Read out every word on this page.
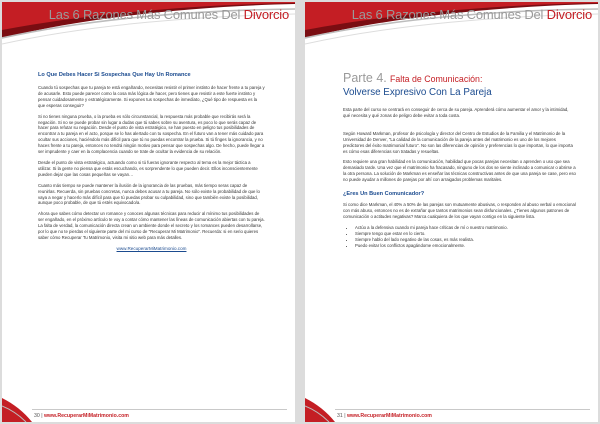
Las 6 Razones Más Comunes Del Divorcio
Lo Que Debes Hacer Si Sospechas Que Hay Un Romance

Cuando tú sospechas que tu pareja te está engañando, necesitas resistir el primer instinto de hacer frente a tu pareja y de acusarle. Esto puede parecer como la cosa más lógica de hacer, pero tienes que resistir a este fuerte instinto y pensar cuidadosamente y estratégicamente. Si expones tus sospechas de inmediato, ¿Qué tipo de respuesta es la que esperas conseguir?

Si no tienes ninguna prueba, o la prueba es sólo circunstancial, la respuesta más probable que recibirás será la negación. Si no se puede probar sin lugar a dudas que tú sabes sobre su aventura, es poco lo que serás capaz de hacer para refutar su negación. Desde el punto de vista estratégico, se han puesto en peligro tus posibilidades de encontrar a tu pareja en el acto, porque se lo has alertado con tu sospecha. En el futuro van a tener más cuidado para ocultar sus acciones, haciéndolo más difícil para que tú no puedas encontrar la prueba. Si tú finges la ignorancia, y no haces frente a tu pareja, entonces no tendrá ningún motivo para pensar que sospechas algo. De hecho, puede llegar a ser imprudente y caer en la complacencia cuando se trate de ocultar la evidencia de su relación.

Desde el punto de vista estratégico, actuando como si tú fueras ignorante respecto al tema es la mejor táctica a utilizar. Si la gente no piensa que estás escuchando, es sorprendente lo que pueden decir. Ellos inconscientemente pueden dejar que las cosas pequeñas se vayan…

Cuanto más tiempo se puede mantener la ilusión de la ignorancia de las pruebas, más tiempo seras capaz de reunirlas. Recuerda, sin pruebas concretas, nunca debes acusar a tu pareja. No sólo existe la probabilidad de que lo vaya a negar y hacerlo más difícil para que tú puedas probar su culpabilidad, sino que también existe la posibilidad, aunque poco probable, de que tú estés equivocado/a.

Ahora que sabes cómo detectar un romance y conoces algunas técnicas para reducir al mínimo tus posibilidades de ser engañado, en el próximo artículo te voy a contar cómo mantener las líneas de comunicación abiertas con tu pareja. La falta de verdad, la comunicación directa crean un ambiente donde el secreto y los romances pueden desarrollarse, por lo que no te pierdas el siguiente parte del mi curso de "Recuperar Mi Matrimonio". Recuerda: si en serio quieres saber cómo Recuperar Tu Matrimonio, visita mi sitio web para más detalles.

www.RecuperarMiMatrimonio.com
30 | www.RecuperarMiMatrimonio.com
Las 6 Razones Más Comunes Del Divorcio
Parte 4. Falta de Comunicación:
Volverse Expresivo Con La Pareja

Esta parte del curso se centrará en conseguir de cerca de su pareja. Aprenderá cómo aumentar el amor y la intimidad, qué necesita y qué zonas de peligro debe evitar a toda costa.

Según Howard Markman, profesor de psicología y director del Centro de Estudios de la Familia y el Matrimonio de la Universidad de Denver, "La calidad de la comunicación de la pareja antes del matrimonio es uno de los mejores predictores del éxito matrimonial futuro". No son las diferencias de opinión y preferencias lo que importan, lo que importa es cómo esas diferencias son tratadas y resueltas.

Esto requiere una gran habilidad en la comunicación, habilidad que pocas parejas necesitan o aprenden o uso que sea demasiado tarde. Una vez que el matrimonio ha fracasado, ninguno de los dos se siente inclinado a comunicar o abrirse a la otra persona. La solución de Markman es enseñar las técnicas constructivas antes de que una pareja se case, pero eso no puede ayudar a millones de parejas por ahí con arraigados problemas maritales.

¿Eres Un Buen Comunicador?

Si como dice Markman, el 40% a 50% de las parejas son mutuamente abusivas, o responden al abuso verbal o emocional con más abuso, entonces no es de extrañar que tantos matrimonios sean disfuncionales. ¿Tienes algunos patrones de comunicación o actitudes negativas? Marca cualquiera de los que vayan contigo en la siguiente lista.

• Actúo a la defensiva cuando mi pareja hace críticas de mí o nuestro matrimonio.
• Siempre tengo que estar en lo cierto.
• Siempre hablo del lado negativo de las cosas, es más realista.
• Puedo evitar los conflictos apagándome emocionalmente.
31 | www.RecuperarMiMatrimonio.com
